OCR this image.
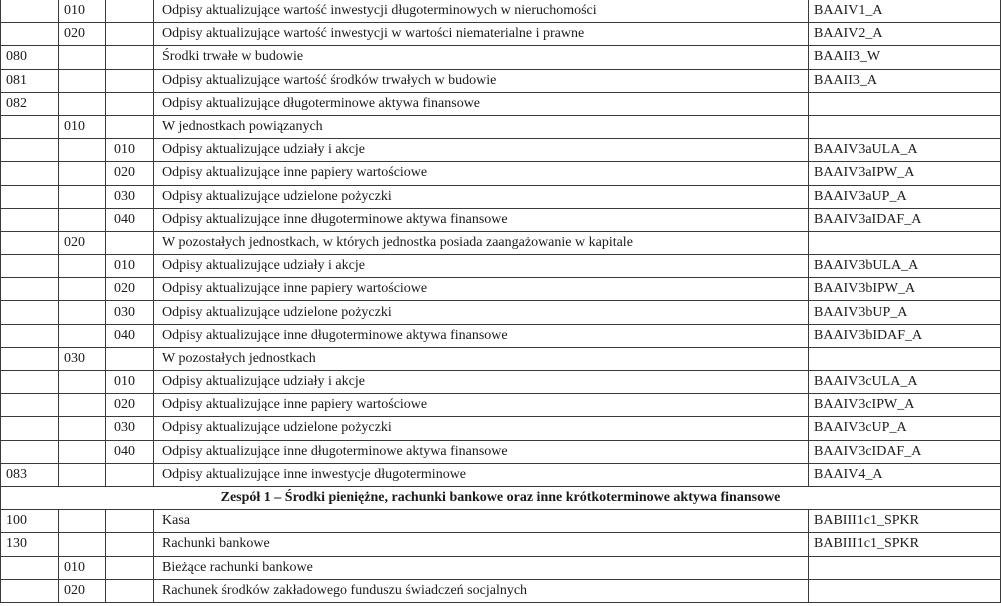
	010		Odpisy aktualizujące wartość inwestycji długoterminowych w nieruchomości	BAAIV1_A
	020		Odpisy aktualizujące wartość inwestycji w wartości niematerialne i prawne	BAAIV2_A
080			Środki trwałe w budowie	BAAII3_W
081			Odpisy aktualizujące wartość środków trwałych w budowie	BAAII3_A
082			Odpisy aktualizujące długoterminowe aktywa finansowe	
	010		W jednostkach powiązanych	
		010	Odpisy aktualizujące udziały i akcje	BAAIV3aULA_A
		020	Odpisy aktualizujące inne papiery wartościowe	BAAIV3aIPW_A
		030	Odpisy aktualizujące udzielone pożyczki	BAAIV3aUP_A
		040	Odpisy aktualizujące inne długoterminowe aktywa finansowe	BAAIV3aIDAF_A
	020		W pozostałych jednostkach, w których jednostka posiada zaangażowanie w kapitale	
		010	Odpisy aktualizujące udziały i akcje	BAAIV3bULA_A
		020	Odpisy aktualizujące inne papiery wartościowe	BAAIV3bIPW_A
		030	Odpisy aktualizujące udzielone pożyczki	BAAIV3bUP_A
		040	Odpisy aktualizujące inne długoterminowe aktywa finansowe	BAAIV3bIDAF_A
	030		W pozostałych jednostkach	
		010	Odpisy aktualizujące udziały i akcje	BAAIV3cULA_A
		020	Odpisy aktualizujące inne papiery wartościowe	BAAIV3cIPW_A
		030	Odpisy aktualizujące udzielone pożyczki	BAAIV3cUP_A
		040	Odpisy aktualizujące inne długoterminowe aktywa finansowe	BAAIV3cIDAF_A
083			Odpisy aktualizujące inne inwestycje długoterminowe	BAAIV4_A
Zespół 1 – Środki pieniężne, rachunki bankowe oraz inne krótkoterminowe aktywa finansowe				
100			Kasa	BABIII1c1_SPKR
130			Rachunki bankowe	BABIII1c1_SPKR
	010		Bieżące rachunki bankowe	
	020		Rachunek środków zakładowego funduszu świadczeń socjalnych	
